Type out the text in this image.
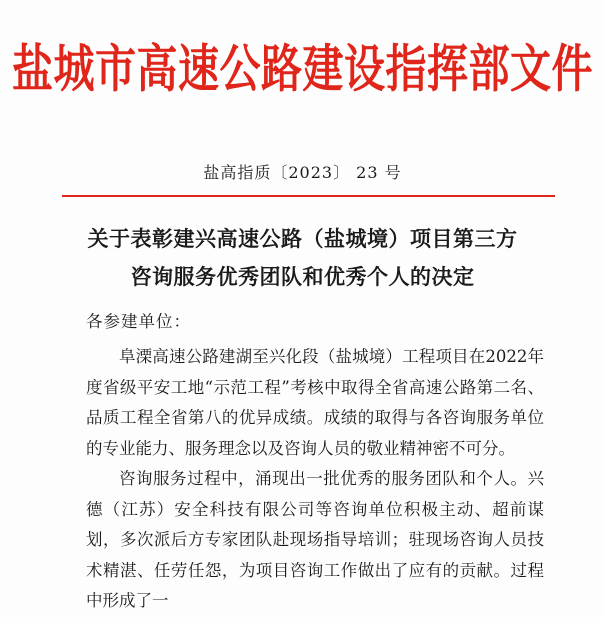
盐城市高速公路建设指挥部文件
盐高指质〔2023〕 23 号
关于表彰建兴高速公路（盐城境）项目第三方
咨询服务优秀团队和优秀个人的决定
各参建单位：

阜溧高速公路建湖至兴化段（盐城境）工程项目在2022年度省级平安工地“示范工程”考核中取得全省高速公路第二名、品质工程全省第八的优异成绩。成绩的取得与各咨询服务单位的专业能力、服务理念以及咨询人员的敬业精神密不可分。

咨询服务过程中，涌现出一批优秀的服务团队和个人。兴德（江苏）安全科技有限公司等咨询单位积极主动、超前谋划，多次派后方专家团队赴现场指导培训；驻现场咨询人员技术精湛、任劳任怨，为项目咨询工作做出了应有的贡献。过程中形成了一
